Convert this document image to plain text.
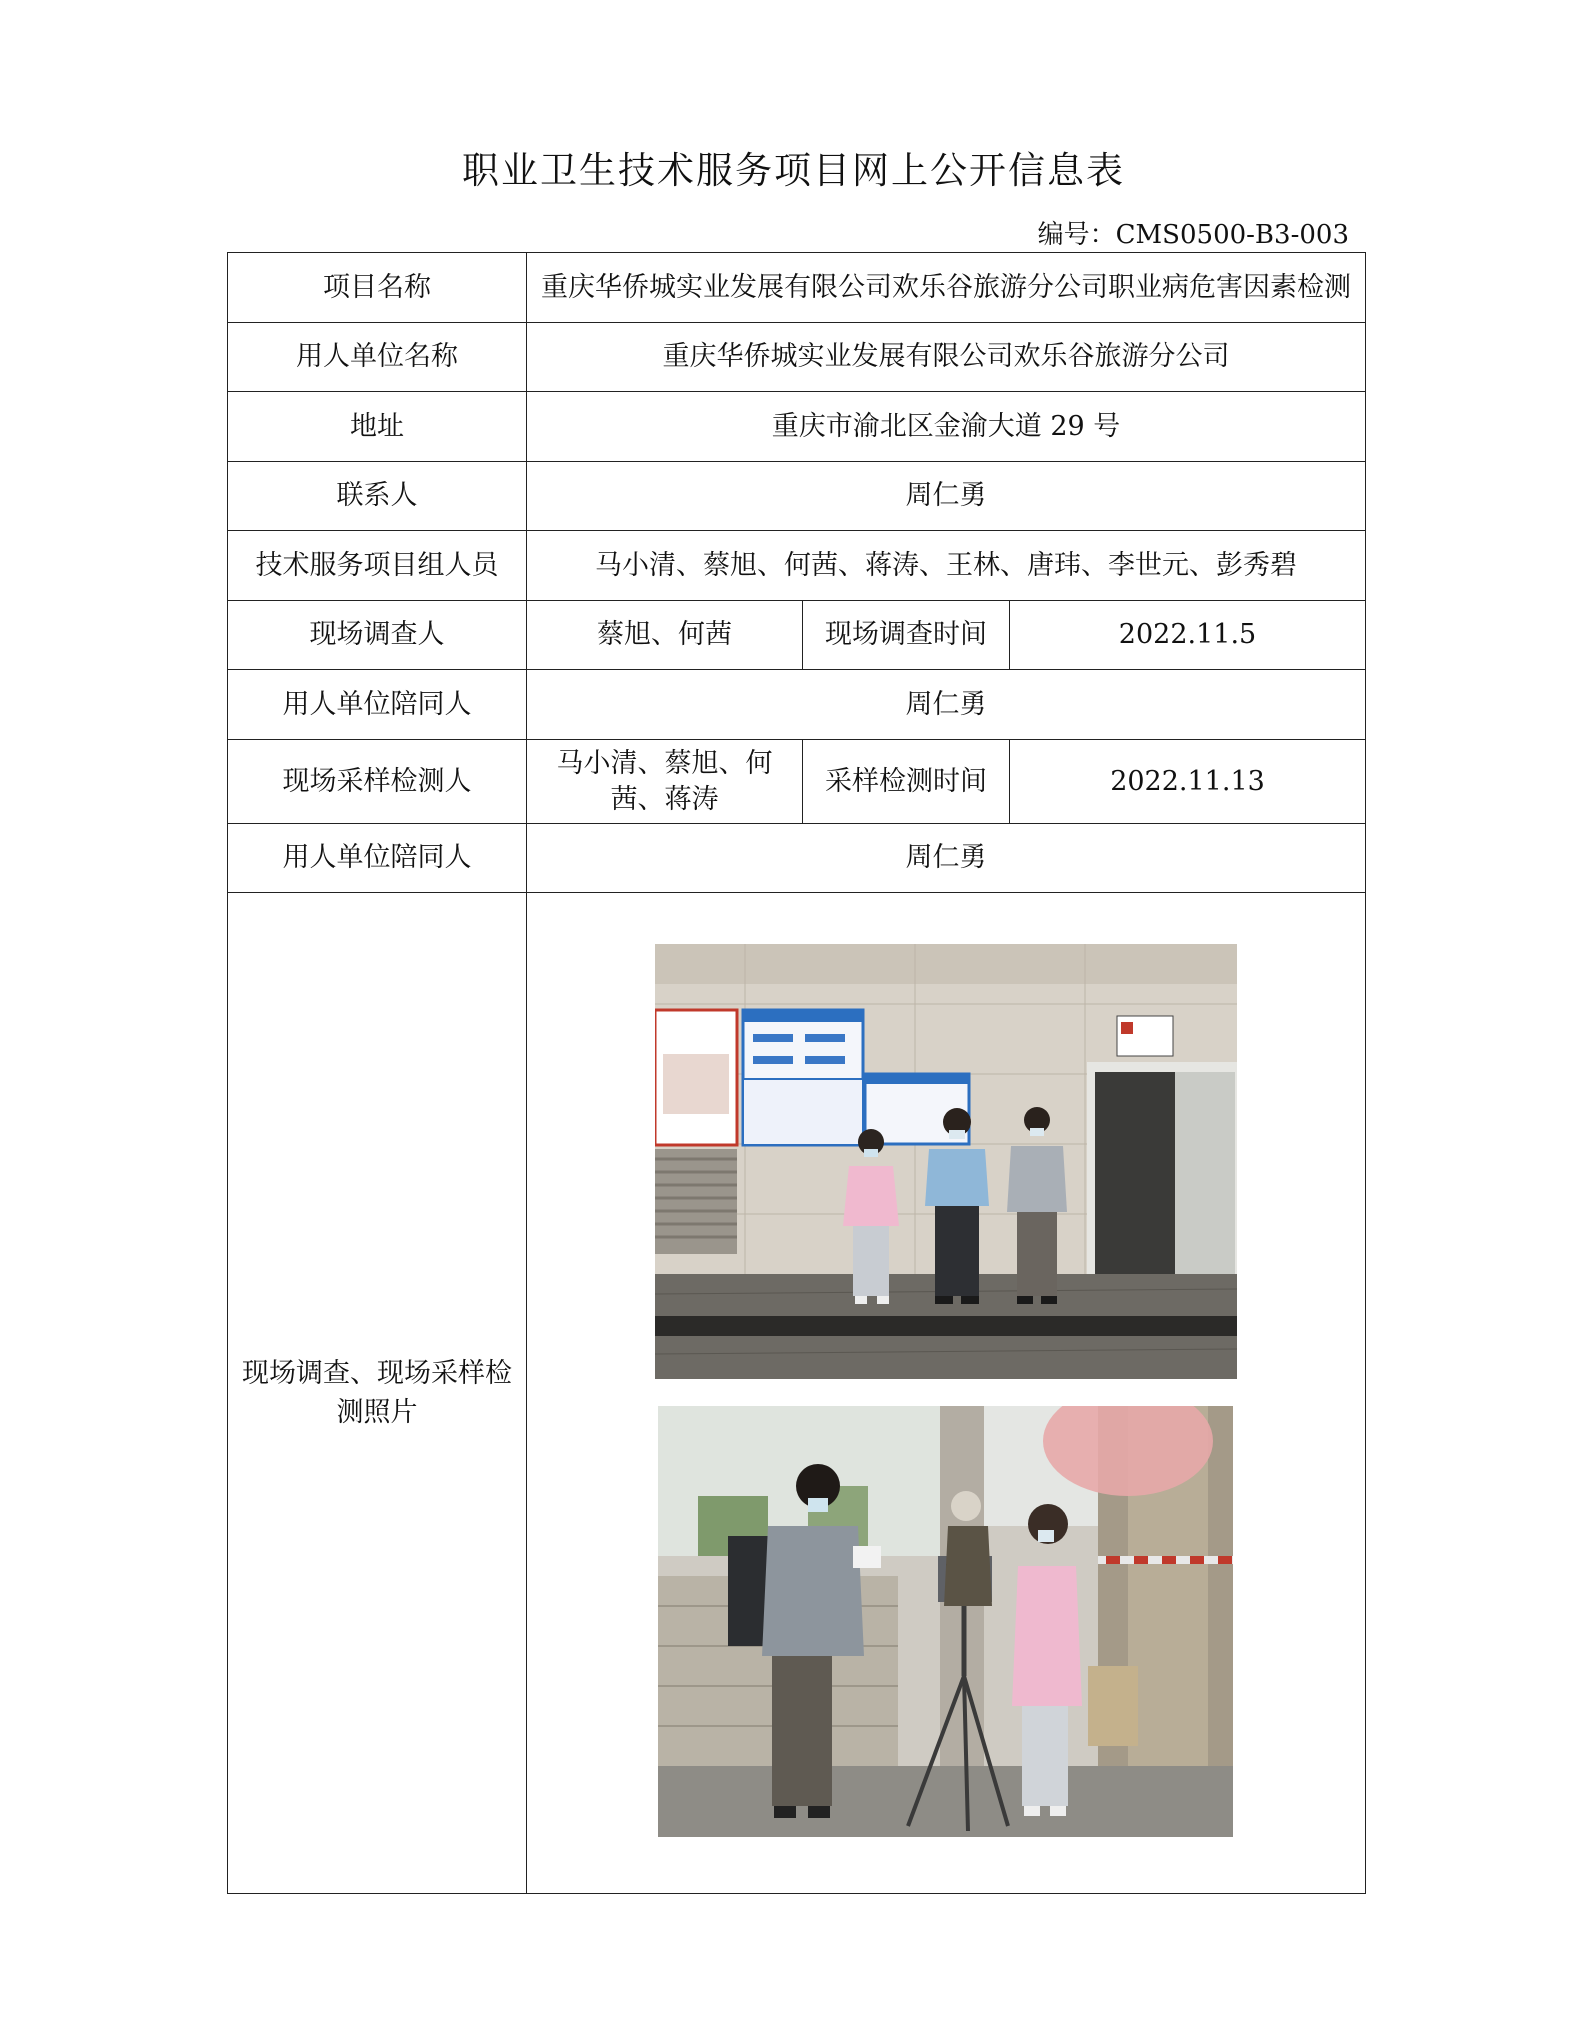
职业卫生技术服务项目网上公开信息表
编号：CMS0500-B3-003
项目名称	重庆华侨城实业发展有限公司欢乐谷旅游分公司职业病危害因素检测		
用人单位名称	重庆华侨城实业发展有限公司欢乐谷旅游分公司		
地址	重庆市渝北区金渝大道 29 号		
联系人	周仁勇		
技术服务项目组人员	马小清、蔡旭、何茜、蒋涛、王林、唐玮、李世元、彭秀碧		
现场调查人	蔡旭、何茜	现场调查时间	2022.11.5
用人单位陪同人	周仁勇		
现场采样检测人	马小清、蔡旭、何茜、蒋涛	采样检测时间	2022.11.13
用人单位陪同人	周仁勇		
现场调查、现场采样检测照片	
